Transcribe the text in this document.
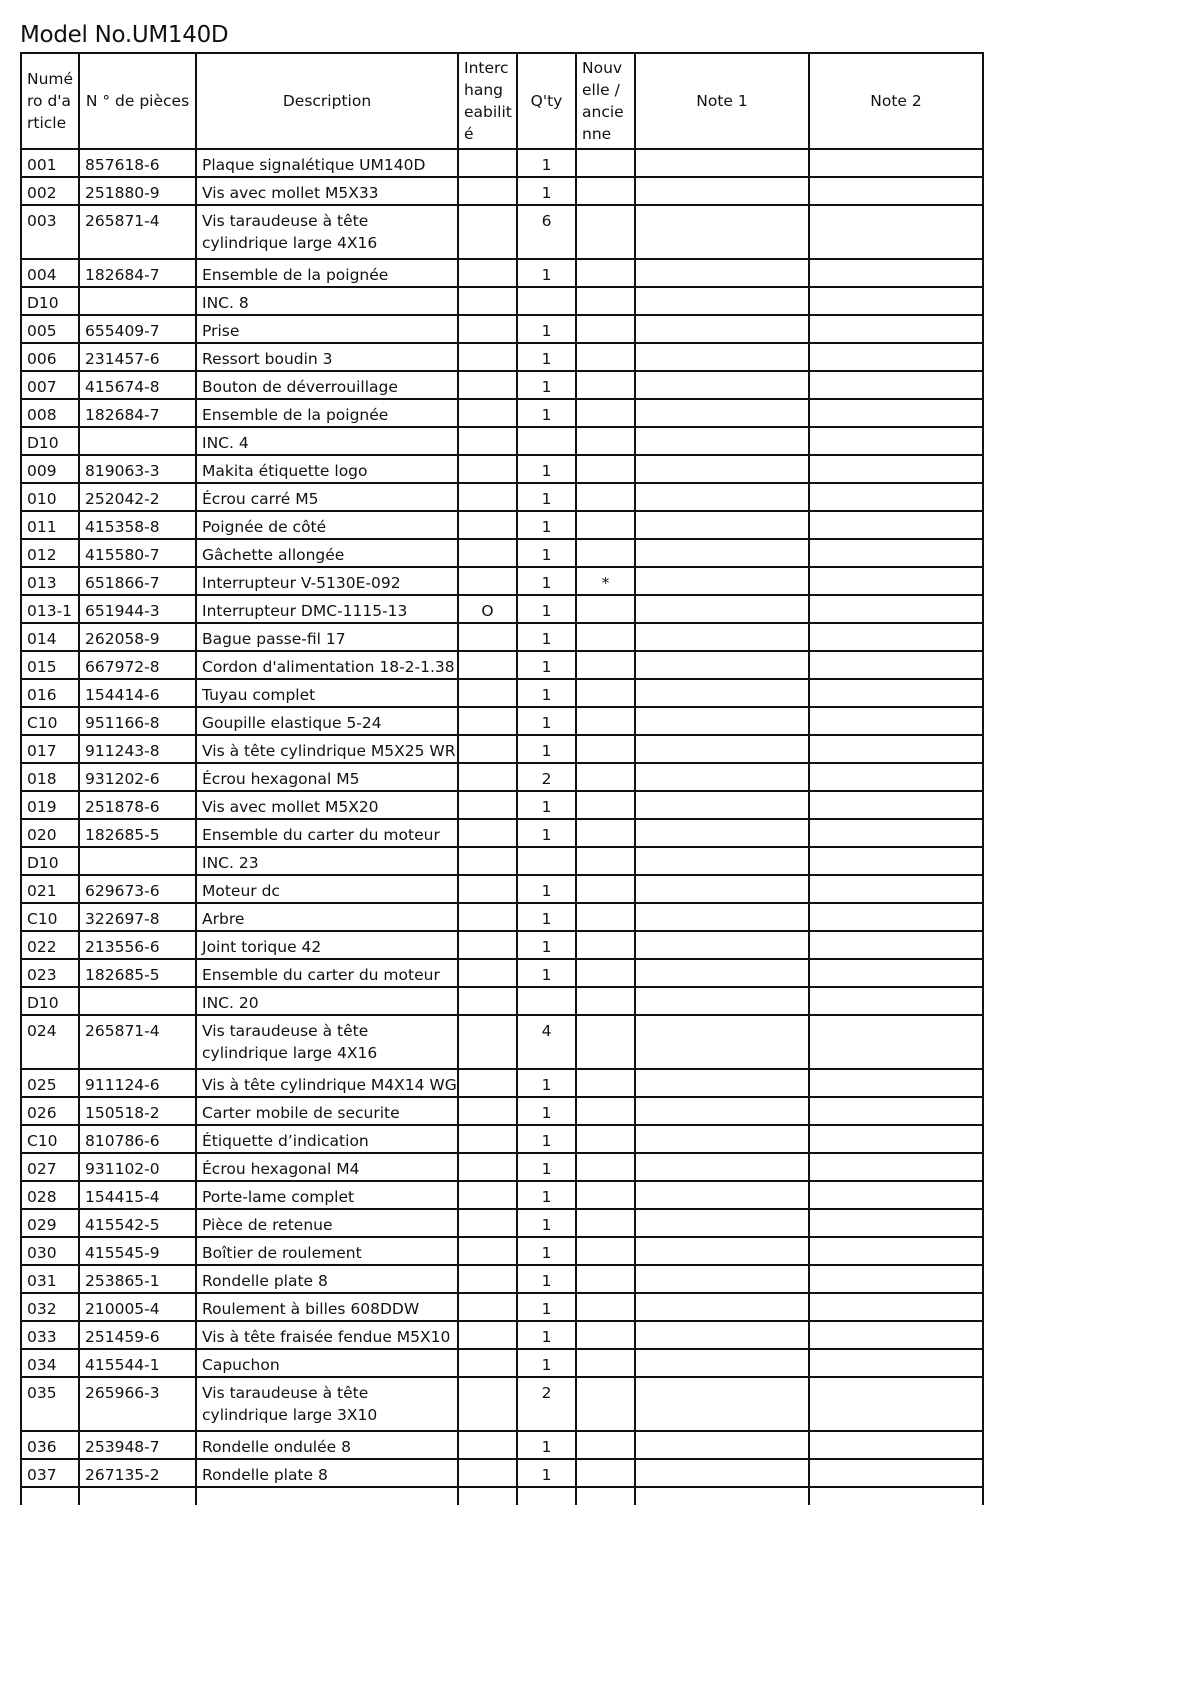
Model No.UM140D
Numé ro d'a rticle	N ° de pièces	Description	Interc hang eabilit é	Q'ty	Nouv elle / ancie nne	Note 1	Note 2
001	857618-6	Plaque signalétique UM140D		1			
002	251880-9	Vis avec mollet M5X33		1			
003	265871-4	Vis taraudeuse à tête cylindrique large 4X16		6			
004	182684-7	Ensemble de la poignée		1			
D10		INC. 8					
005	655409-7	Prise		1			
006	231457-6	Ressort boudin 3		1			
007	415674-8	Bouton de déverrouillage		1			
008	182684-7	Ensemble de la poignée		1			
D10		INC. 4					
009	819063-3	Makita étiquette logo		1			
010	252042-2	Écrou carré M5		1			
011	415358-8	Poignée de côté		1			
012	415580-7	Gâchette allongée		1			
013	651866-7	Interrupteur V-5130E-092		1	*		
013-1	651944-3	Interrupteur DMC-1115-13	O	1			
014	262058-9	Bague passe-fil 17		1			
015	667972-8	Cordon d'alimentation 18-2-1.38		1			
016	154414-6	Tuyau complet		1			
C10	951166-8	Goupille elastique 5-24		1			
017	911243-8	Vis à tête cylindrique M5X25 WR		1			
018	931202-6	Écrou hexagonal M5		2			
019	251878-6	Vis avec mollet M5X20		1			
020	182685-5	Ensemble du carter du moteur		1			
D10		INC. 23					
021	629673-6	Moteur dc		1			
C10	322697-8	Arbre		1			
022	213556-6	Joint torique 42		1			
023	182685-5	Ensemble du carter du moteur		1			
D10		INC. 20					
024	265871-4	Vis taraudeuse à tête cylindrique large 4X16		4			
025	911124-6	Vis à tête cylindrique M4X14 WG		1			
026	150518-2	Carter mobile de securite		1			
C10	810786-6	Étiquette d’indication		1			
027	931102-0	Écrou hexagonal M4		1			
028	154415-4	Porte-lame complet		1			
029	415542-5	Pièce de retenue		1			
030	415545-9	Boîtier de roulement		1			
031	253865-1	Rondelle plate 8		1			
032	210005-4	Roulement à billes 608DDW		1			
033	251459-6	Vis à tête fraisée fendue M5X10		1			
034	415544-1	Capuchon		1			
035	265966-3	Vis taraudeuse à tête cylindrique large 3X10		2			
036	253948-7	Rondelle ondulée 8		1			
037	267135-2	Rondelle plate 8		1			
